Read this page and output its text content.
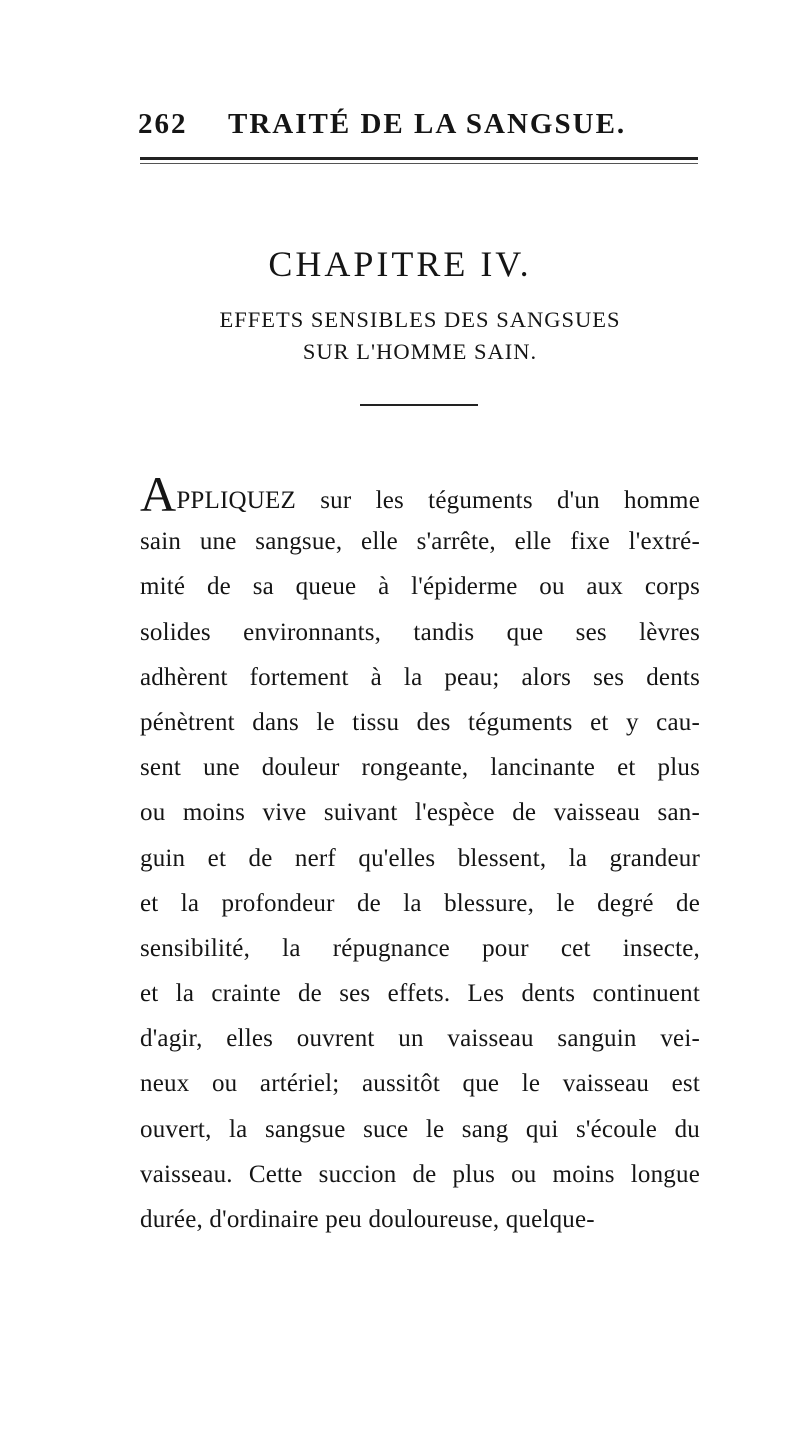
262 TRAITÉ DE LA SANGSUE.
CHAPITRE IV.
EFFETS SENSIBLES DES SANGSUES
SUR L'HOMME SAIN.
APPLIQUEZ sur les téguments d'un homme
sain une sangsue, elle s'arrête, elle fixe l'extré-
mité de sa queue à l'épiderme ou aux corps
solides environnants, tandis que ses lèvres
adhèrent fortement à la peau; alors ses dents
pénètrent dans le tissu des téguments et y cau-
sent une douleur rongeante, lancinante et plus
ou moins vive suivant l'espèce de vaisseau san-
guin et de nerf qu'elles blessent, la grandeur
et la profondeur de la blessure, le degré de
sensibilité, la répugnance pour cet insecte,
et la crainte de ses effets. Les dents continuent
d'agir, elles ouvrent un vaisseau sanguin vei-
neux ou artériel; aussitôt que le vaisseau est
ouvert, la sangsue suce le sang qui s'écoule du
vaisseau. Cette succion de plus ou moins longue
durée, d'ordinaire peu douloureuse, quelque-
